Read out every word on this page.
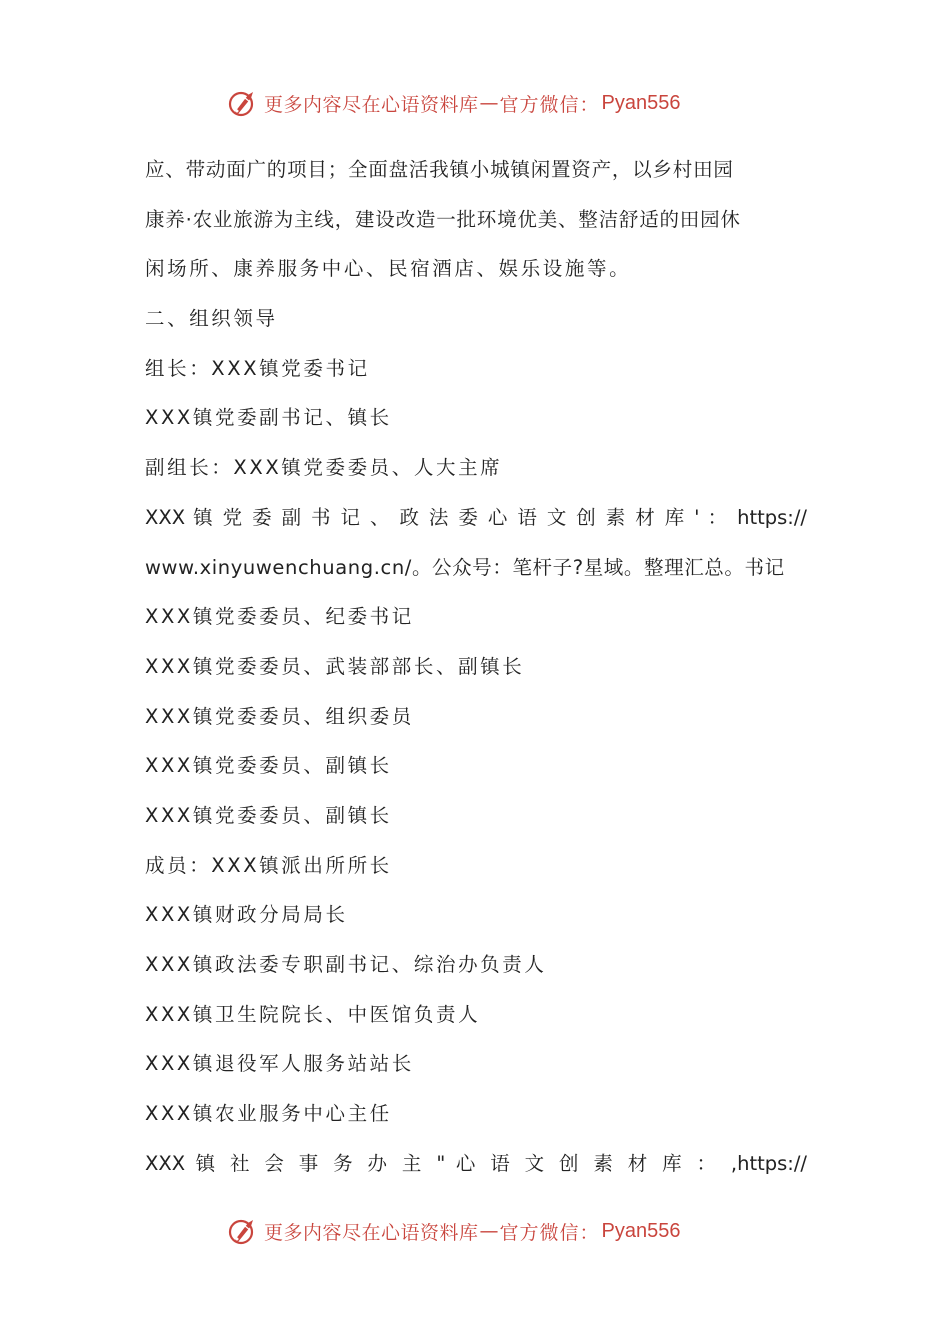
更多内容尽在心语资料库 — 官方微信： Pyan556
应、带动面广的项目；全面盘活我镇小城镇闲置资产，以乡村田园
康养·农业旅游为主线，建设改造一批环境优美、整洁舒适的田园休
闲场所、康养服务中心、民宿酒店、娱乐设施等。
二、组织领导
组长：XXX镇党委书记
XXX镇党委副书记、镇长
副组长：XXX镇党委委员、人大主席
XXX 镇 党 委 副 书 记 、 政 法 委 心 语 文 创 素 材 库 ' ： https://
www.xinyuwenchuang.cn/。公众号：笔杆子?星域。整理汇总。书记
XXX镇党委委员、纪委书记
XXX镇党委委员、武装部部长、副镇长
XXX镇党委委员、组织委员
XXX镇党委委员、副镇长
XXX镇党委委员、副镇长
成员：XXX镇派出所所长
XXX镇财政分局局长
XXX镇政法委专职副书记、综治办负责人
XXX镇卫生院院长、中医馆负责人
XXX镇退役军人服务站站长
XXX镇农业服务中心主任
XXX 镇 社 会 事 务 办 主 " 心 语 文 创 素 材 库 ： ,https://
更多内容尽在心语资料库 — 官方微信： Pyan556
